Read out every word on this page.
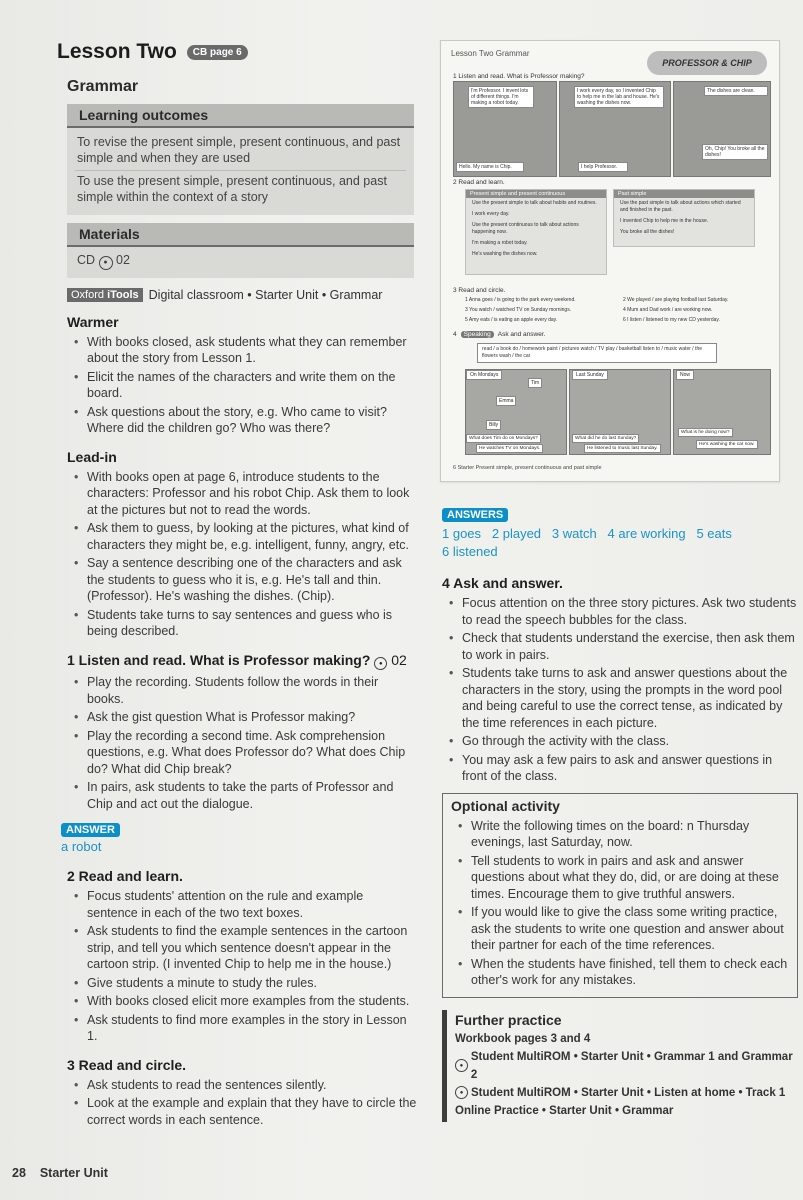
Lesson Two	CB page 6
Grammar
Learning outcomes
To revise the present simple, present continuous, and past simple and when they are used
To use the present simple, present continuous, and past simple within the context of a story
Materials
CD ● 02
Oxford iTools Digital classroom • Starter Unit • Grammar
Warmer
• With books closed, ask students what they can remember about the story from Lesson 1.
• Elicit the names of the characters and write them on the board.
• Ask questions about the story, e.g. Who came to visit? Where did the children go? Who was there?
Lead-in
• With books open at page 6, introduce students to the characters: Professor and his robot Chip. Ask them to look at the pictures but not to read the words.
• Ask them to guess, by looking at the pictures, what kind of characters they might be, e.g. intelligent, funny, angry, etc.
• Say a sentence describing one of the characters and ask the students to guess who it is, e.g. He's tall and thin. (Professor). He's washing the dishes. (Chip).
• Students take turns to say sentences and guess who is being described.
1 Listen and read. What is Professor making? ● 02
• Play the recording. Students follow the words in their books.
• Ask the gist question What is Professor making?
• Play the recording a second time. Ask comprehension questions, e.g. What does Professor do? What does Chip do? What did Chip break?
• In pairs, ask students to take the parts of Professor and Chip and act out the dialogue.
ANSWER
a robot
2 Read and learn.
• Focus students' attention on the rule and example sentence in each of the two text boxes.
• Ask students to find the example sentences in the cartoon strip, and tell you which sentence doesn't appear in the cartoon strip. (I invented Chip to help me in the house.)
• Give students a minute to study the rules.
• With books closed elicit more examples from the students.
• Ask students to find more examples in the story in Lesson 1.
3 Read and circle.
• Ask students to read the sentences silently.
• Look at the example and explain that they have to circle the correct words in each sentence.
Lesson Two Grammar
PROFESSOR & CHIP
1 Listen and read. What is Professor making?
I'm Professor. I invent lots of different things. I'm making a robot today.
Hello. My name is Chip.
I work every day, so I invented Chip to help me in the lab and house. He's washing the dishes now.
I help Professor.
The dishes are clean.
Oh, Chip! You broke all the dishes!
2 Read and learn.
Present simple and present continuous
Use the present simple to talk about habits and routines.
I work every day.
Use the present continuous to talk about actions happening now.
I'm making a robot today.
He's washing the dishes now.
Past simple
Use the past simple to talk about actions which started and finished in the past.
I invented Chip to help me in the house.
You broke all the dishes!
3 Read and circle.
1 Anna goes / is going to the park every weekend.
3 You watch / watched TV on Sunday mornings.
5 Amy eats / is eating an apple every day.
2 We played / are playing football last Saturday.
4 Mum and Dad work / are working now.
6 I listen / listened to my new CD yesterday.
4	Speaking	Ask and answer.
read / a book do / homework paint / pictures watch / TV play / basketball listen to / music water / the flowers wash / the car
On Mondays
Tim
Emma
Billy
What does Tim do on Mondays?
He watches TV on Mondays.
Last Sunday
What did he do last Sunday?
He listened to music last Sunday.
Now
What is he doing now?
He's washing the car now.
6 Starter Present simple, present continuous and past simple
ANSWERS
1 goes 2 played 3 watch 4 are working 5 eats
6 listened
4 Ask and answer.
• Focus attention on the three story pictures. Ask two students to read the speech bubbles for the class.
• Check that students understand the exercise, then ask them to work in pairs.
• Students take turns to ask and answer questions about the characters in the story, using the prompts in the word pool and being careful to use the correct tense, as indicated by the time references in each picture.
• Go through the activity with the class.
• You may ask a few pairs to ask and answer questions in front of the class.
Optional activity
• Write the following times on the board: n Thursday evenings, last Saturday, now.
• Tell students to work in pairs and ask and answer questions about what they do, did, or are doing at these times. Encourage them to give truthful answers.
• If you would like to give the class some writing practice, ask the students to write one question and answer about their partner for each of the time references.
• When the students have finished, tell them to check each other's work for any mistakes.
Further practice
Workbook pages 3 and 4
●
Student MultiROM • Starter Unit • Grammar 1 and Grammar 2
● Student MultiROM • Starter Unit • Listen at home • Track 1
Online Practice • Starter Unit • Grammar
28 Starter Unit
